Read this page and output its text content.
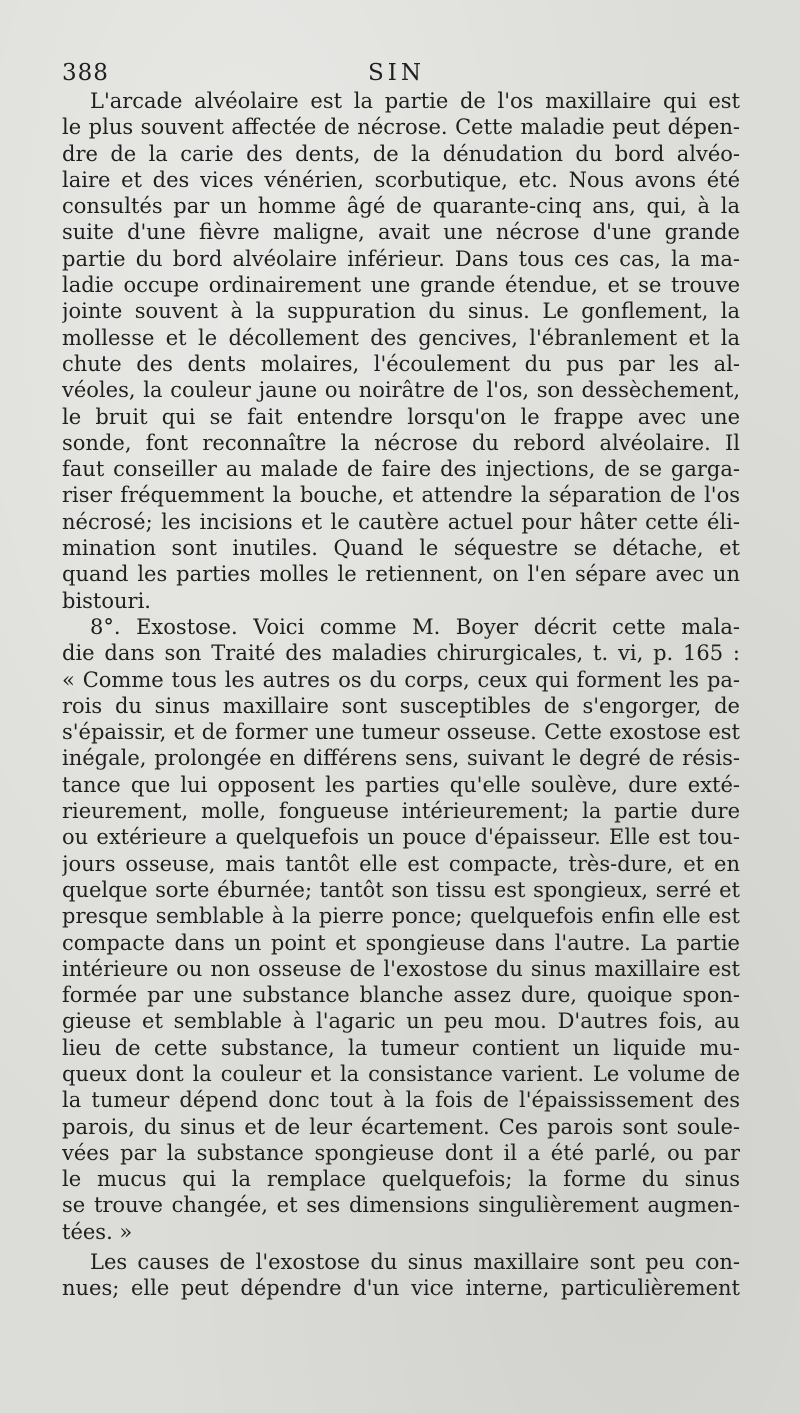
388	SIN
L'arcade alvéolaire est la partie de l'os maxillaire qui est
le plus souvent affectée de nécrose. Cette maladie peut dépen-
dre de la carie des dents, de la dénudation du bord alvéo-
laire et des vices vénérien, scorbutique, etc. Nous avons été
consultés par un homme âgé de quarante-cinq ans, qui, à la
suite d'une fièvre maligne, avait une nécrose d'une grande
partie du bord alvéolaire inférieur. Dans tous ces cas, la ma-
ladie occupe ordinairement une grande étendue, et se trouve
jointe souvent à la suppuration du sinus. Le gonflement, la
mollesse et le décollement des gencives, l'ébranlement et la
chute des dents molaires, l'écoulement du pus par les al-
véoles, la couleur jaune ou noirâtre de l'os, son dessèchement,
le bruit qui se fait entendre lorsqu'on le frappe avec une
sonde, font reconnaître la nécrose du rebord alvéolaire. Il
faut conseiller au malade de faire des injections, de se garga-
riser fréquemment la bouche, et attendre la séparation de l'os
nécrosé; les incisions et le cautère actuel pour hâter cette éli-
mination sont inutiles. Quand le séquestre se détache, et
quand les parties molles le retiennent, on l'en sépare avec un
bistouri.
8°. Exostose. Voici comme M. Boyer décrit cette mala-
die dans son Traité des maladies chirurgicales, t. vi, p. 165 :
« Comme tous les autres os du corps, ceux qui forment les pa-
rois du sinus maxillaire sont susceptibles de s'engorger, de
s'épaissir, et de former une tumeur osseuse. Cette exostose est
inégale, prolongée en différens sens, suivant le degré de résis-
tance que lui opposent les parties qu'elle soulève, dure exté-
rieurement, molle, fongueuse intérieurement; la partie dure
ou extérieure a quelquefois un pouce d'épaisseur. Elle est tou-
jours osseuse, mais tantôt elle est compacte, très-dure, et en
quelque sorte éburnée; tantôt son tissu est spongieux, serré et
presque semblable à la pierre ponce; quelquefois enfin elle est
compacte dans un point et spongieuse dans l'autre. La partie
intérieure ou non osseuse de l'exostose du sinus maxillaire est
formée par une substance blanche assez dure, quoique spon-
gieuse et semblable à l'agaric un peu mou. D'autres fois, au
lieu de cette substance, la tumeur contient un liquide mu-
queux dont la couleur et la consistance varient. Le volume de
la tumeur dépend donc tout à la fois de l'épaississement des
parois, du sinus et de leur écartement. Ces parois sont soule-
vées par la substance spongieuse dont il a été parlé, ou par
le mucus qui la remplace quelquefois; la forme du sinus
se trouve changée, et ses dimensions singulièrement augmen-
tées. »
Les causes de l'exostose du sinus maxillaire sont peu con-
nues; elle peut dépendre d'un vice interne, particulièrement
